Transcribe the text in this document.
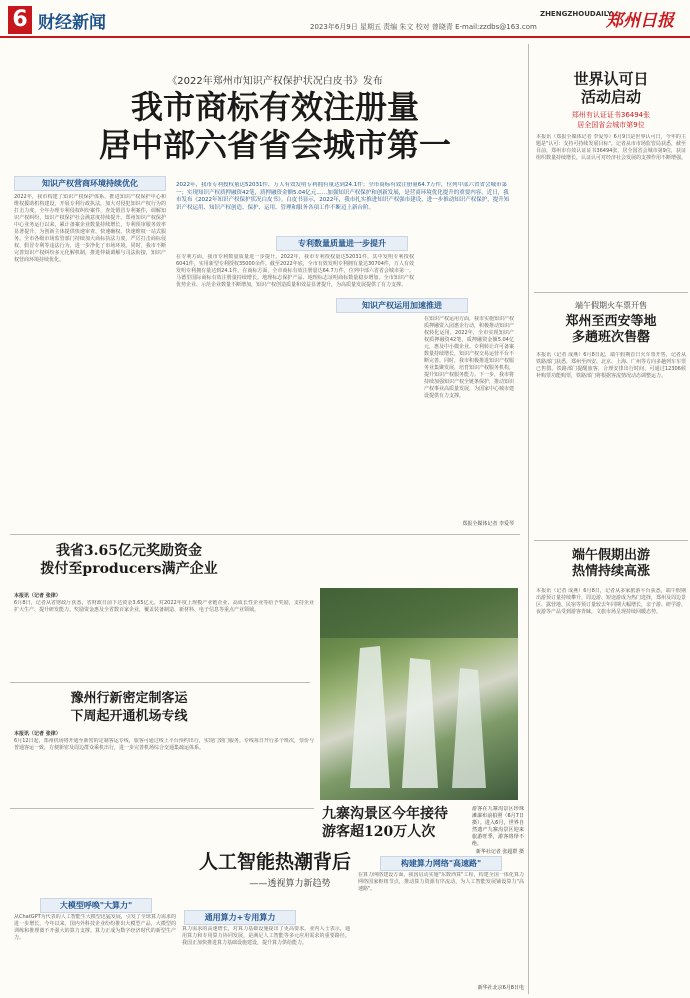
6 财经新闻	2023年6月9日 星期五 责编 朱文 校对 曾晓青 E-mail:zzdbs@163.com
ZHENGZHOUDAILY
郑州日报
《2022年郑州市知识产权保护状况白皮书》发布
我市商标有效注册量
居中部六省省会城市第一
知识产权营商环境持续优化
2022年，我市构建了知识产权保护体系，推进知识产权保护中心和维权援助机构建设，开展专利行政执法，加大对侵犯知识产权行为的打击力度，全年办理专利侵权纠纷案件，查处假冒专利案件，调解知识产权纠纷，知识产权保护社会满意度持续提升。郑州知识产权保护中心业务运行以来，累计备案企业数量持续增长，专利预审服务效率显著提升，为创新主体提供快速审查、快速确权、快速维权一站式服务。全市各级市场监管部门持续加大商标执法力度，严厉打击商标侵权、假冒专利等违法行为，进一步净化了市场环境。同时，我市不断完善知识产权纠纷多元化解机制，推进仲裁调解与司法衔接，知识产权营商环境持续优化。
2022年，我市专利授权量达52031件，万人有效发明专利拥有量达到24.1件；全市商标有效注册量64.7万件，位列中部六省省会城市第一；实现知识产权质押融资42笔，质押融资金额5.04亿元……加强知识产权保护和创新发展，是营商环境优化提升的重要内容。近日，我市发布《2022年知识产权保护状况白皮书》。白皮书显示，2022年，我市扎实推进知识产权强市建设，进一步推动知识产权保护，提升知识产权运用、知识产权创造、保护、运用、管理和服务各项工作不断迈上新台阶。
专利数量质量进一步提升
在专利方面，我市专利数量质量进一步提升。2022年，我市专利授权量达52031件，其中发明专利授权6041件，实用新型专利授权35000余件。截至2022年底，全市有效发明专利拥有量达30704件，万人有效发明专利拥有量达到24.1件。在商标方面，全市商标有效注册量达64.7万件，位列中部六省省会城市第一。马德里国际商标有效注册量持续增长。地理标志保护产品、地理标志证明商标数量稳步增加。全市知识产权优势企业、示范企业数量不断增加，知识产权创造质量和效益显著提升，为高质量发展提供了有力支撑。
知识产权运用加速推进
在知识产权运用方面，我市实施知识产权质押融资入园惠企行动，积极推动知识产权转化运用。2022年，全市实现知识产权质押融资42笔，质押融资金额5.04亿元，惠及中小微企业。专利转让许可备案数量持续增长，知识产权交易运营平台不断完善。同时，我市积极推进知识产权服务业集聚发展，培育知识产权服务机构，提升知识产权服务能力。下一步，我市将持续加强知识产权全链条保护，推动知识产权事业高质量发展，为国家中心城市建设提供有力支撑。
郑报全媒体记者 李爱琴
我省3.65亿元奖励资金
拨付至producers满产企业
本报讯（记者 张律）
6月8日，记者从省财政厅获悉，省财政日前下达资金3.65亿元，对2022年度上规模产业链企业、高成长性企业等给予奖励，支持企业扩大生产、提升研发能力。奖励资金惠及全省数百家企业，覆盖装备制造、新材料、电子信息等重点产业领域。
豫州行新密定制客运
下周起开通机场专线
本报讯（记者 张律）
6月12日起，郑州机场将开通至新密的定制客运专线，旅客可通过线上平台预约出行，实现门到门服务。专线每日开行多个班次，票价与普通客运一致，方便新密及周边群众乘机出行，进一步完善机场综合交通集疏运体系。
九寨沟景区今年接待
游客超120万人次
游客在九寨沟景区珍珠滩瀑布前拍照（6月7日摄）。进入6月，世界自然遗产九寨沟景区迎来旅游旺季，游客络绎不绝。
新华社记者 张超群 摄
人工智能热潮背后
——透视算力新趋势
大模型呼唤"大算力"
从ChatGPT为代表的人工智能生大模型迅猛发展，引发了全球算力需求的进一步增长。今年以来，国内外科技企业纷纷推出大模型产品，大模型的训练和推理离不开强大的算力支撑。算力正成为数字经济时代的新型生产力。
通用算力+专用算力
算力需求的高速增长，对算力基础设施提出了更高要求。业内人士表示，通用算力和专用算力协同发展，是满足人工智能等多元应用需求的重要路径。我国正加快推进算力基础设施建设，提升算力供给能力。
构建算力网络"高速路"
在算力网络建设方面，我国启动实施"东数西算"工程，构建全国一体化算力网络国家枢纽节点，推动算力资源有序流动，为人工智能发展铺设算力"高速路"。
新华社北京6月8日电
世界认可日
活动启动
郑州有认证证书36494张
居全国省会城市第9位
本报讯（郑报全媒体记者 李爱琴）6月9日是世界认可日，今年的主题是"认可：支持可持续发展目标"。记者从市市场监管局获悉，截至目前，郑州市有效认证证书36494张，居全国省会城市第9位，获证组织数量持续增长，认证认可对经济社会发展的支撑作用不断增强。
端午假期火车票开售
郑州至西安等地
多趟班次售罄
本报讯（记者 成燕）6月8日起，端午假期首日火车票开售，记者从铁路部门获悉，郑州至西安、北京、上海、广州等方向多趟列车车票已售罄。铁路部门提醒旅客，合理安排出行时间，可通过12306候补购票功能购票，铁路部门将根据客流情况动态调整运力。
端午假期出游
热情持续高涨
本报讯（记者 成燕）6月8日，记者从多家旅游平台获悉，端午假期出游预订量持续攀升，周边游、短途游成为热门选择，郑州及周边景区、露营地、民宿等预订量较去年同期大幅增长，亲子游、研学游、夜游等产品受到游客青睐，文旅市场呈现持续回暖态势。
